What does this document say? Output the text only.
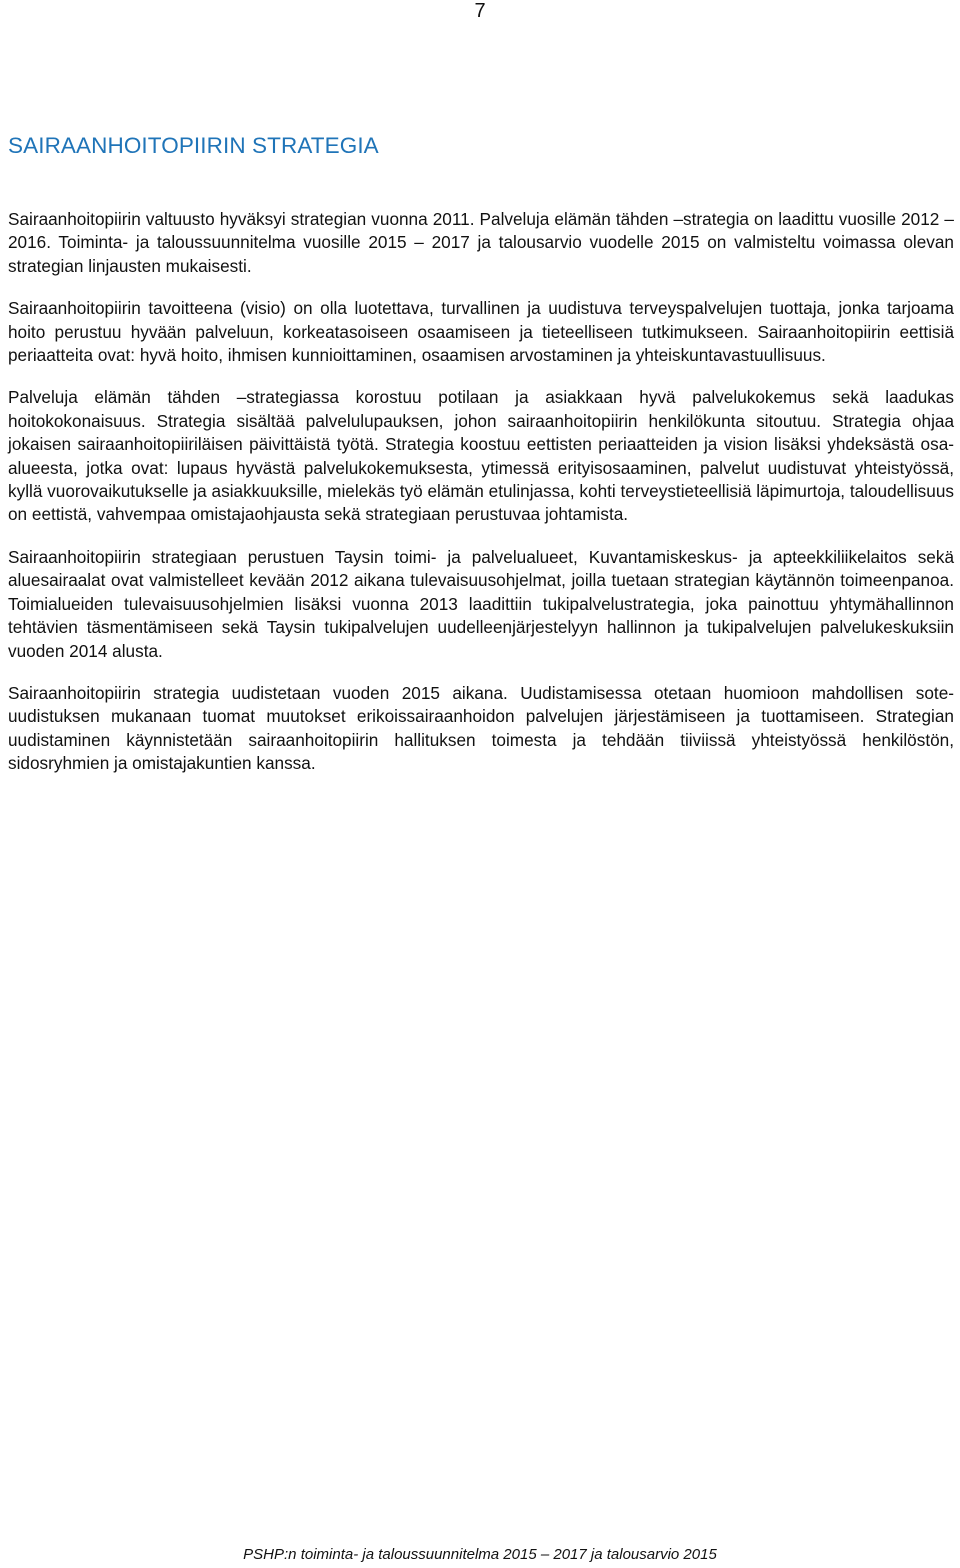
7
SAIRAANHOITOPIIRIN STRATEGIA

Sairaanhoitopiirin valtuusto hyväksyi strategian vuonna 2011. Palveluja elämän tähden –strategia on laadittu vuosille 2012 – 2016. Toiminta- ja taloussuunnitelma vuosille 2015 – 2017 ja talousarvio vuodelle 2015 on valmisteltu voimassa olevan strategian linjausten mukaisesti.

Sairaanhoitopiirin tavoitteena (visio) on olla luotettava, turvallinen ja uudistuva terveyspalvelujen tuottaja, jonka tarjoama hoito perustuu hyvään palveluun, korkeatasoiseen osaamiseen ja tieteelliseen tutkimukseen. Sairaanhoitopiirin eettisiä periaatteita ovat: hyvä hoito, ihmisen kunnioittaminen, osaamisen arvostaminen ja yhteiskuntavastuullisuus.

Palveluja elämän tähden –strategiassa korostuu potilaan ja asiakkaan hyvä palvelukokemus sekä laadukas hoitokokonaisuus. Strategia sisältää palvelulupauksen, johon sairaanhoitopiirin henkilökunta sitoutuu. Strategia ohjaa jokaisen sairaanhoitopiiriläisen päivittäistä työtä. Strategia koostuu eettisten periaatteiden ja vision lisäksi yhdeksästä osa-alueesta, jotka ovat: lupaus hyvästä palvelukokemuksesta, ytimessä erityisosaaminen, palvelut uudistuvat yhteistyössä, kyllä vuorovaikutukselle ja asiakkuuksille, mielekäs työ elämän etulinjassa, kohti terveystieteellisiä läpimurtoja, taloudellisuus on eettistä, vahvempaa omistajaohjausta sekä strategiaan perustuvaa johtamista.

Sairaanhoitopiirin strategiaan perustuen Taysin toimi- ja palvelualueet, Kuvantamiskeskus- ja apteekkiliikelaitos sekä aluesairaalat ovat valmistelleet kevään 2012 aikana tulevaisuusohjelmat, joilla tuetaan strategian käytännön toimeenpanoa. Toimialueiden tulevaisuusohjelmien lisäksi vuonna 2013 laadittiin tukipalvelustrategia, joka painottuu yhtymähallinnon tehtävien täsmentämiseen sekä Taysin tukipalvelujen uudelleenjärjestelyyn hallinnon ja tukipalvelujen palvelukeskuksiin vuoden 2014 alusta.

Sairaanhoitopiirin strategia uudistetaan vuoden 2015 aikana. Uudistamisessa otetaan huomioon mahdollisen sote-uudistuksen mukanaan tuomat muutokset erikoissairaanhoidon palvelujen järjestämiseen ja tuottamiseen. Strategian uudistaminen käynnistetään sairaanhoitopiirin hallituksen toimesta ja tehdään tiiviissä yhteistyössä henkilöstön, sidosryhmien ja omistajakuntien kanssa.

PSHP:n toiminta- ja taloussuunnitelma 2015 – 2017 ja talousarvio 2015
